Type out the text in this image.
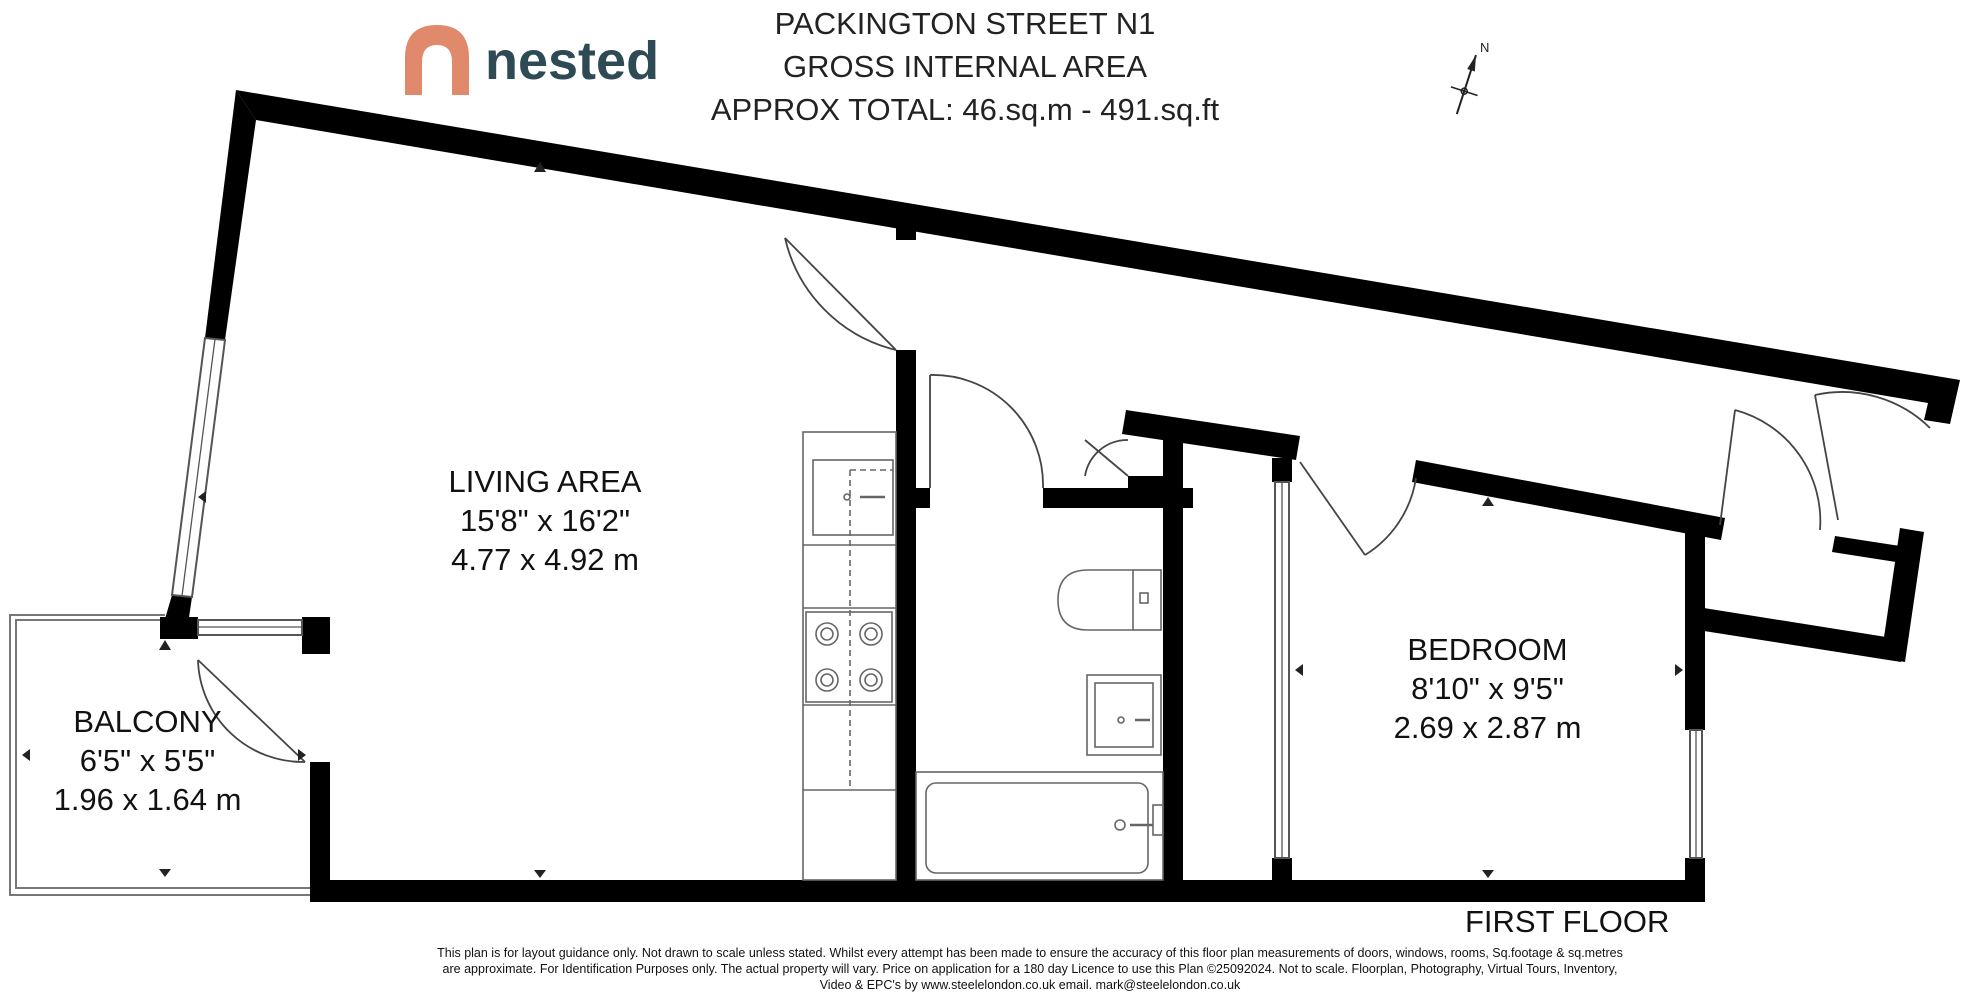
N
nested
PACKINGTON STREET N1
GROSS INTERNAL AREA
APPROX TOTAL: 46.sq.m - 491.sq.ft
LIVING AREA
15'8" x 16'2"
4.77 x 4.92 m
BEDROOM
8'10" x 9'5"
2.69 x 2.87 m
BALCONY
6'5" x 5'5"
1.96 x 1.64 m
FIRST FLOOR
This plan is for layout guidance only. Not drawn to scale unless stated. Whilst every attempt has been made to ensure the accuracy of this floor plan measurements of doors, windows, rooms, Sq.footage & sq.metres
are approximate. For Identification Purposes only. The actual property will vary. Price on application for a 180 day Licence to use this Plan ©25092024. Not to scale. Floorplan, Photography, Virtual Tours, Inventory,
Video & EPC's by www.steelelondon.co.uk email. mark@steelelondon.co.uk
